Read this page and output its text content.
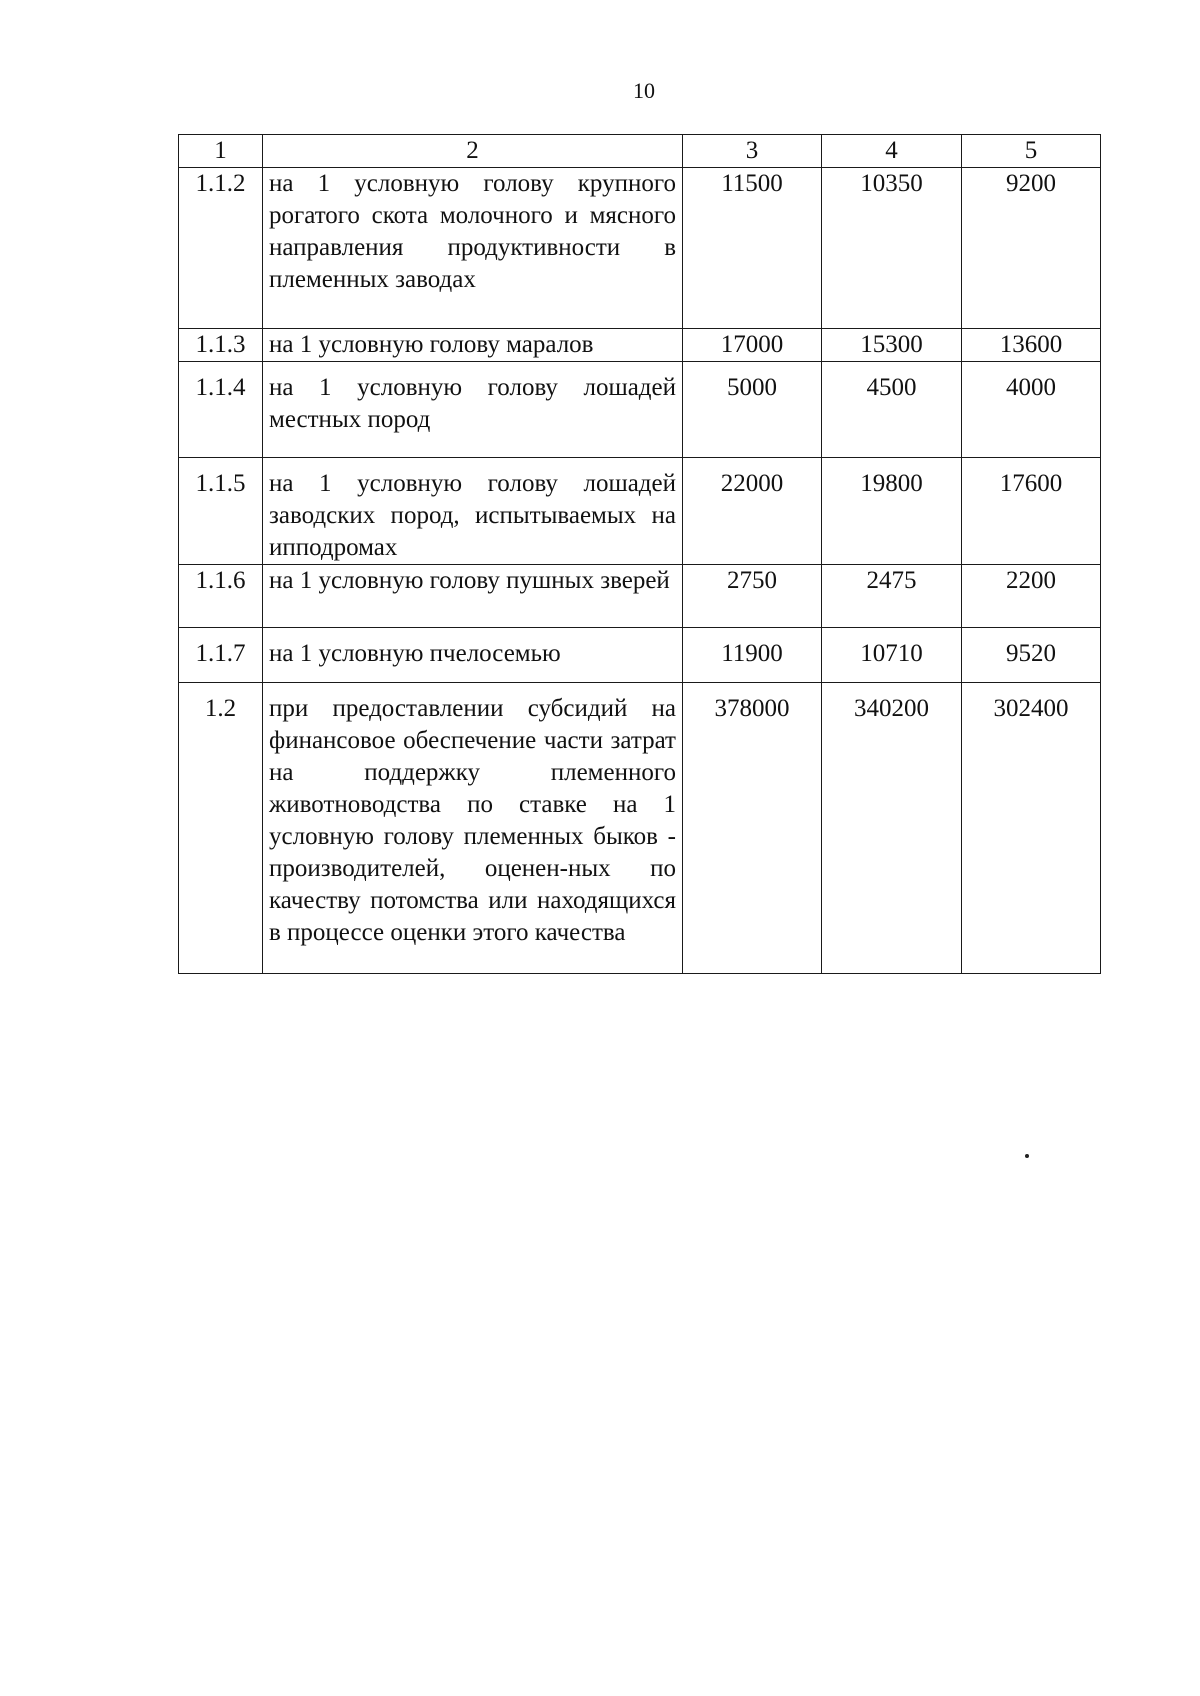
10
1	2	3	4	5
1.1.2	на 1 условную голову крупного рогатого скота молочного и мясного направления продуктивности в племенных заводах	11500	10350	9200
1.1.3	на 1 условную голову маралов	17000	15300	13600
1.1.4	на 1 условную голову лошадей местных пород	5000	4500	4000
1.1.5	на 1 условную голову лошадей заводских пород, испытываемых на ипподромах	22000	19800	17600
1.1.6	на 1 условную голову пушных зверей	2750	2475	2200
1.1.7	на 1 условную пчелосемью	11900	10710	9520
1.2	при предоставлении субсидий на финансовое обеспечение части затрат на поддержку племенного животноводства по ставке на 1 условную голову племенных быков - производителей, оценен-ных по качеству потомства или находящихся в процессе оценки этого качества	378000	340200	302400
